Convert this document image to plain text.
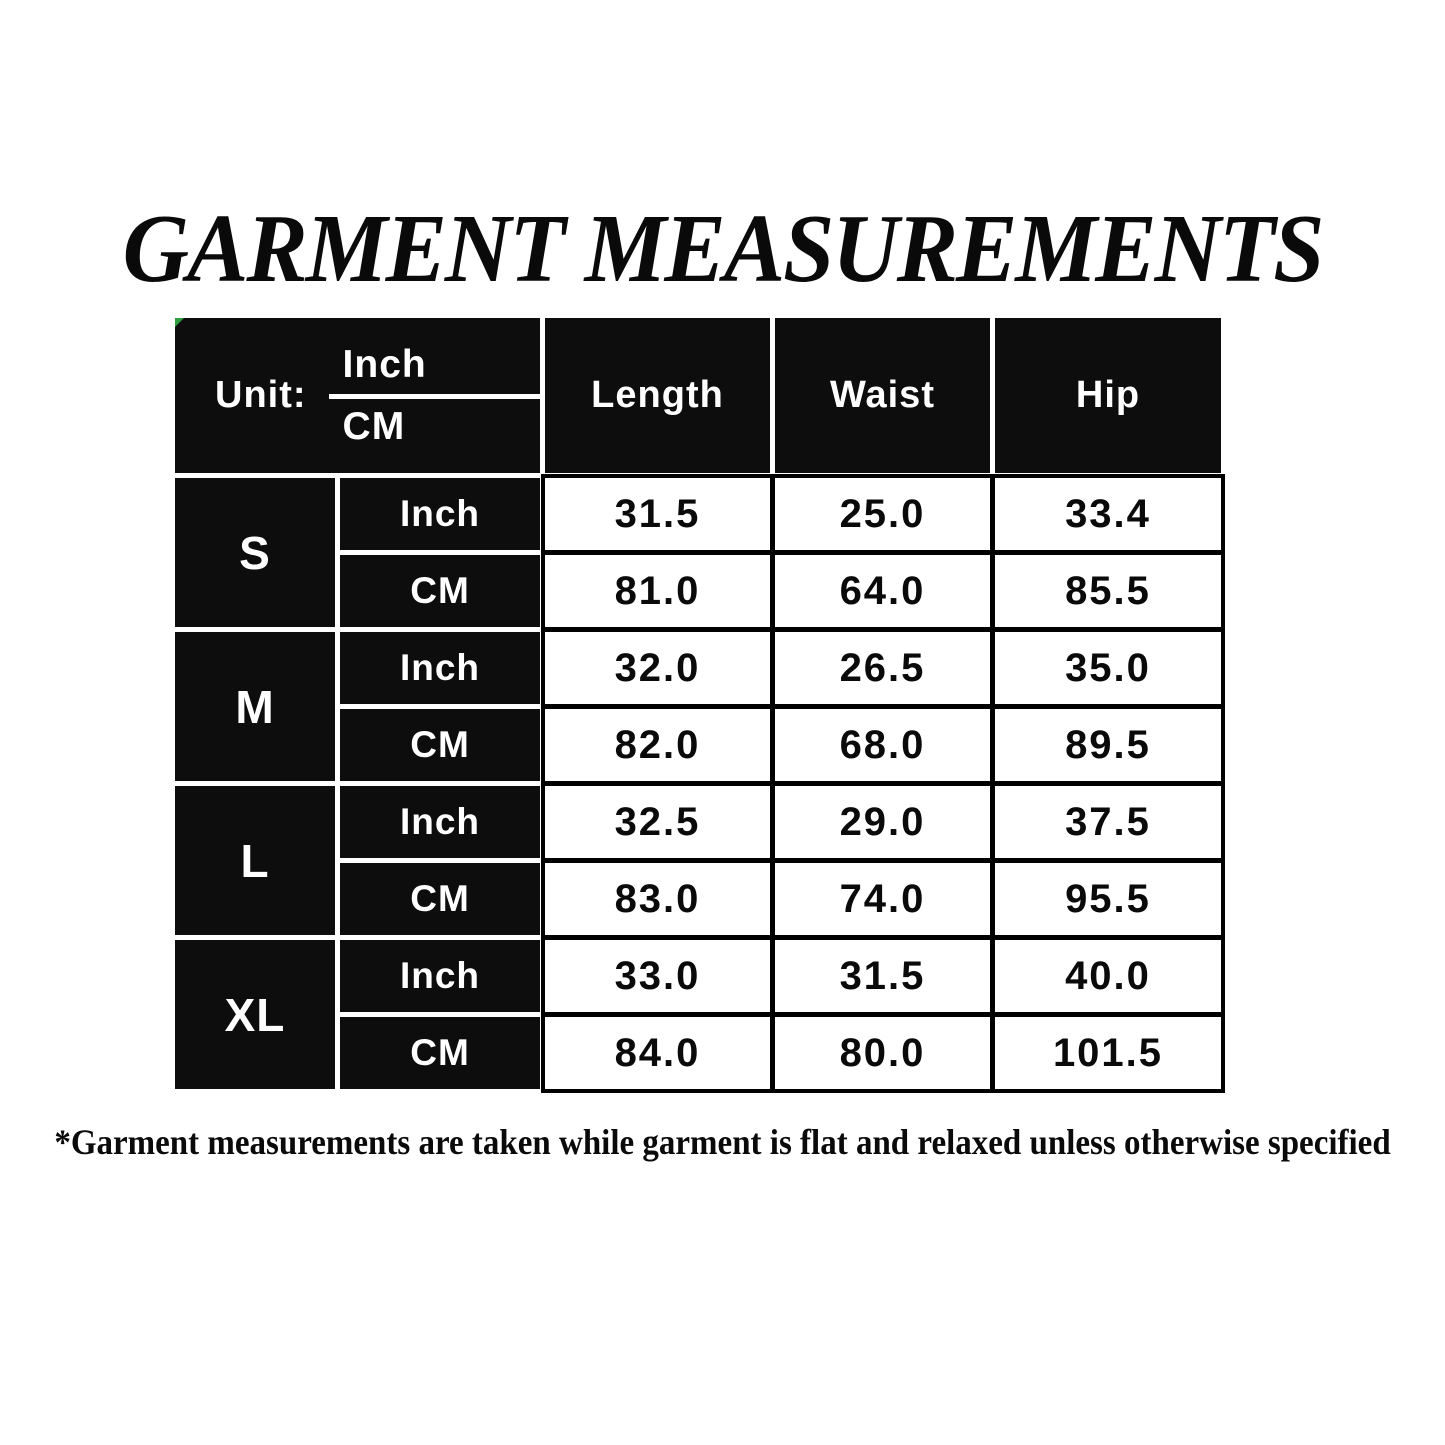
GARMENT MEASUREMENTS
Unit: $\frac{\text{Inch}}{CM}$	Length	Waist	Hip
S
Inch	31.5	25.0	33.4
CM	81.0	64.0	85.5
M
Inch	32.0	26.5	35.0
CM	82.0	68.0	89.5
L
Inch	32.5	29.0	37.5
CM	83.0	74.0	95.5
XL
Inch	33.0	31.5	40.0
CM	84.0	80.0	101.5
*Garment measurements are taken while garment is flat and relaxed unless otherwise specified
